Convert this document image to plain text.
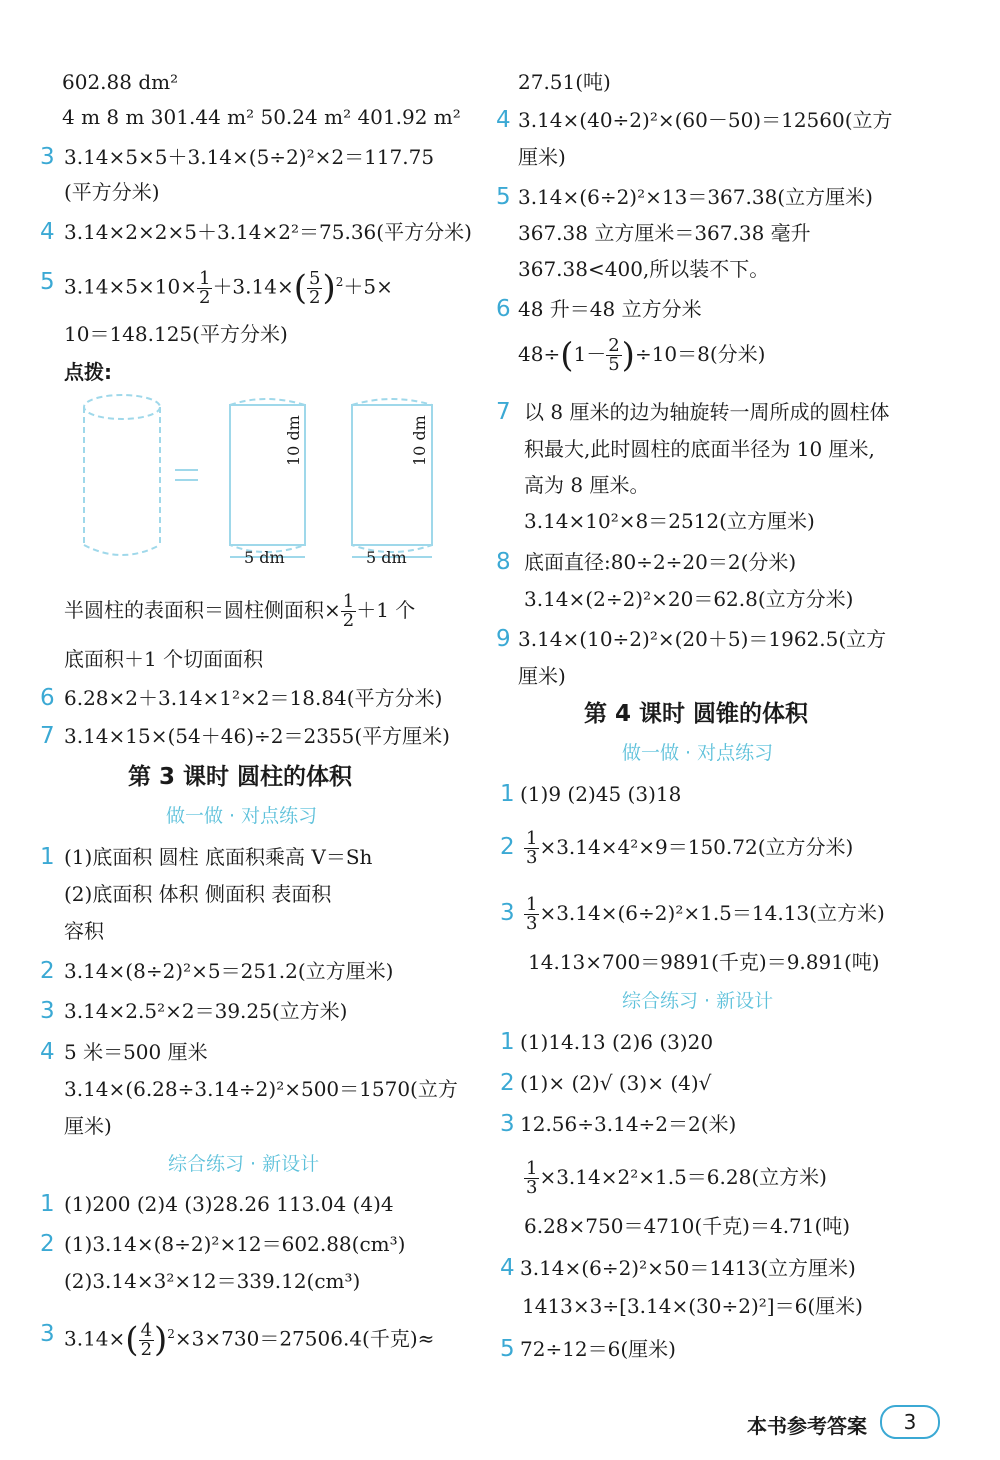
602.88 dm²
4 m 8 m 301.44 m² 50.24 m² 401.92 m²
3 3.14×5×5＋3.14×(5÷2)²×2＝117.75
(平方分米)
4 3.14×2×2×5＋3.14×2²＝75.36(平方分米)
5 $3.14\times 5\times 10\times \frac{1}{2} +3.14\times( \frac{5}{2} )^2+5\times$
10＝148.125(平方分米)
点拨:
10 dm	10 dm
5 dm	5 dm
半圆柱的表面积＝圆柱侧面积× $\frac{1}{2} +1$ 个
底面积＋1 个切面面积
6 6.28×2＋3.14×1²×2＝18.84(平方分米)
7 3.14×15×(54＋46)÷2＝2355(平方厘米)
第 3 课时 圆柱的体积
做一做 · 对点练习
1 (1)底面积 圆柱 底面积乘高 V＝Sh
(2)底面积 体积 侧面积 表面积
容积
2 3.14×(8÷2)²×5＝251.2(立方厘米)
3 3.14×2.5²×2＝39.25(立方米)
4 5 米＝500 厘米
3.14×(6.28÷3.14÷2)²×500＝1570(立方
厘米)
综合练习 · 新设计
1 (1)200 (2)4 (3)28.26 113.04 (4)4
2 (1)3.14×(8÷2)²×12＝602.88(cm³)
(2)3.14×3²×12＝339.12(cm³)
3 $3.14\times( \frac{4}{2} )^2\times 3\times 730=27506.4$(千克)≈
27.51(吨)
4 3.14×(40÷2)²×(60－50)＝12560(立方
厘米)
5 3.14×(6÷2)²×13＝367.38(立方厘米)
367.38 立方厘米＝367.38 毫升
367.38<400,所以装不下。
6 48 升＝48 立方分米
$48\div(1- \frac{2}{5} )\div 10=8$(分米)
7 以 8 厘米的边为轴旋转一周所成的圆柱体
积最大,此时圆柱的底面半径为 10 厘米,
高为 8 厘米。
3.14×10²×8＝2512(立方厘米)
8 底面直径:80÷2÷20＝2(分米)
3.14×(2÷2)²×20＝62.8(立方分米)
9 3.14×(10÷2)²×(20＋5)＝1962.5(立方
厘米)
第 4 课时 圆锥的体积
做一做 · 对点练习
1 (1)9 (2)45 (3)18
$2 \frac{1}{3} \times 3.14\times 4^2\times 9=150.72$(立方分米)
$3 \frac{1}{3} \times 3.14\times(6\div 2)^2\times 1.5=14.13$(立方米)
14.13×700＝9891(千克)＝9.891(吨)
综合练习 · 新设计
1 (1)14.13 (2)6 (3)20
2 (1)× (2)√ (3)× (4)√
3 12.56÷3.14÷2＝2(米)
$\frac{1}{3} \times 3.14\times 2^2\times 1.5=6.28$(立方米)
6.28×750＝4710(千克)＝4.71(吨)
4 3.14×(6÷2)²×50＝1413(立方厘米)
1413×3÷[3.14×(30÷2)²]＝6(厘米)
5 72÷12＝6(厘米)
本书参考答案	3
